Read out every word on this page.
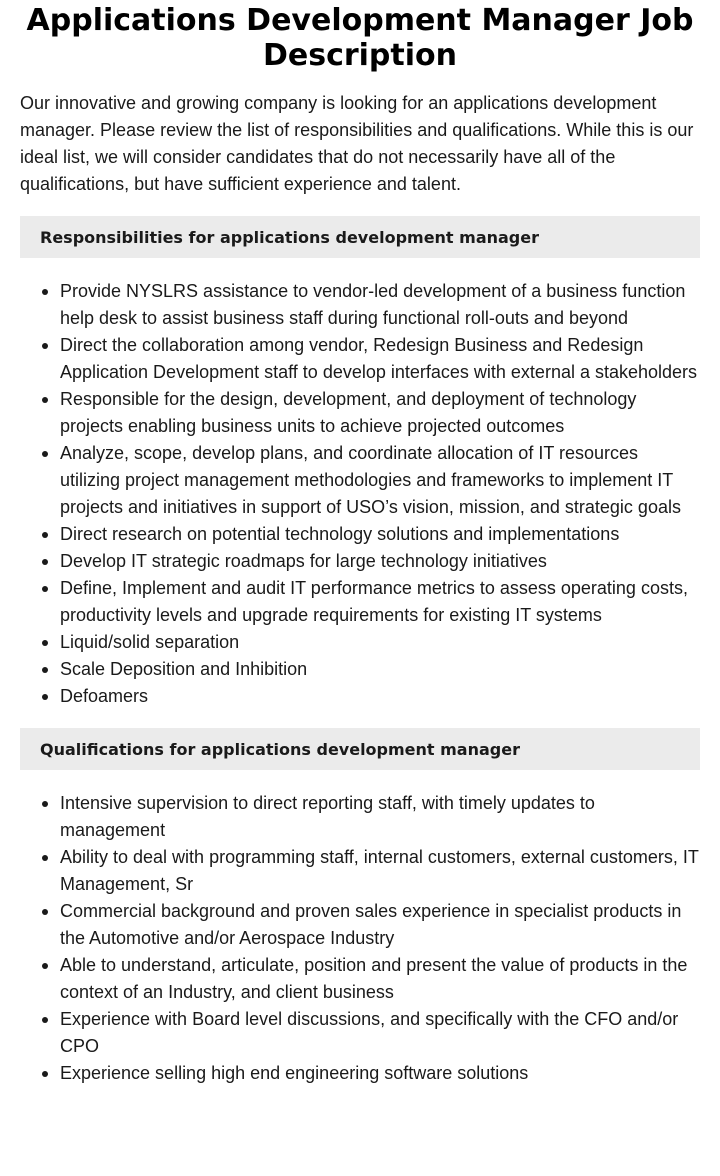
Applications Development Manager Job Description

Our innovative and growing company is looking for an applications development manager. Please review the list of responsibilities and qualifications. While this is our ideal list, we will consider candidates that do not necessarily have all of the qualifications, but have sufficient experience and talent.

Responsibilities for applications development manager
Provide NYSLRS assistance to vendor-led development of a business function help desk to assist business staff during functional roll-outs and beyond
Direct the collaboration among vendor, Redesign Business and Redesign Application Development staff to develop interfaces with external a stakeholders
Responsible for the design, development, and deployment of technology projects enabling business units to achieve projected outcomes
Analyze, scope, develop plans, and coordinate allocation of IT resources utilizing project management methodologies and frameworks to implement IT projects and initiatives in support of USO’s vision, mission, and strategic goals
Direct research on potential technology solutions and implementations
Develop IT strategic roadmaps for large technology initiatives
Define, Implement and audit IT performance metrics to assess operating costs, productivity levels and upgrade requirements for existing IT systems
Liquid/solid separation
Scale Deposition and Inhibition
Defoamers
Qualifications for applications development manager
Intensive supervision to direct reporting staff, with timely updates to management
Ability to deal with programming staff, internal customers, external customers, IT Management, Sr
Commercial background and proven sales experience in specialist products in the Automotive and/or Aerospace Industry
Able to understand, articulate, position and present the value of products in the context of an Industry, and client business
Experience with Board level discussions, and specifically with the CFO and/or CPO
Experience selling high end engineering software solutions
